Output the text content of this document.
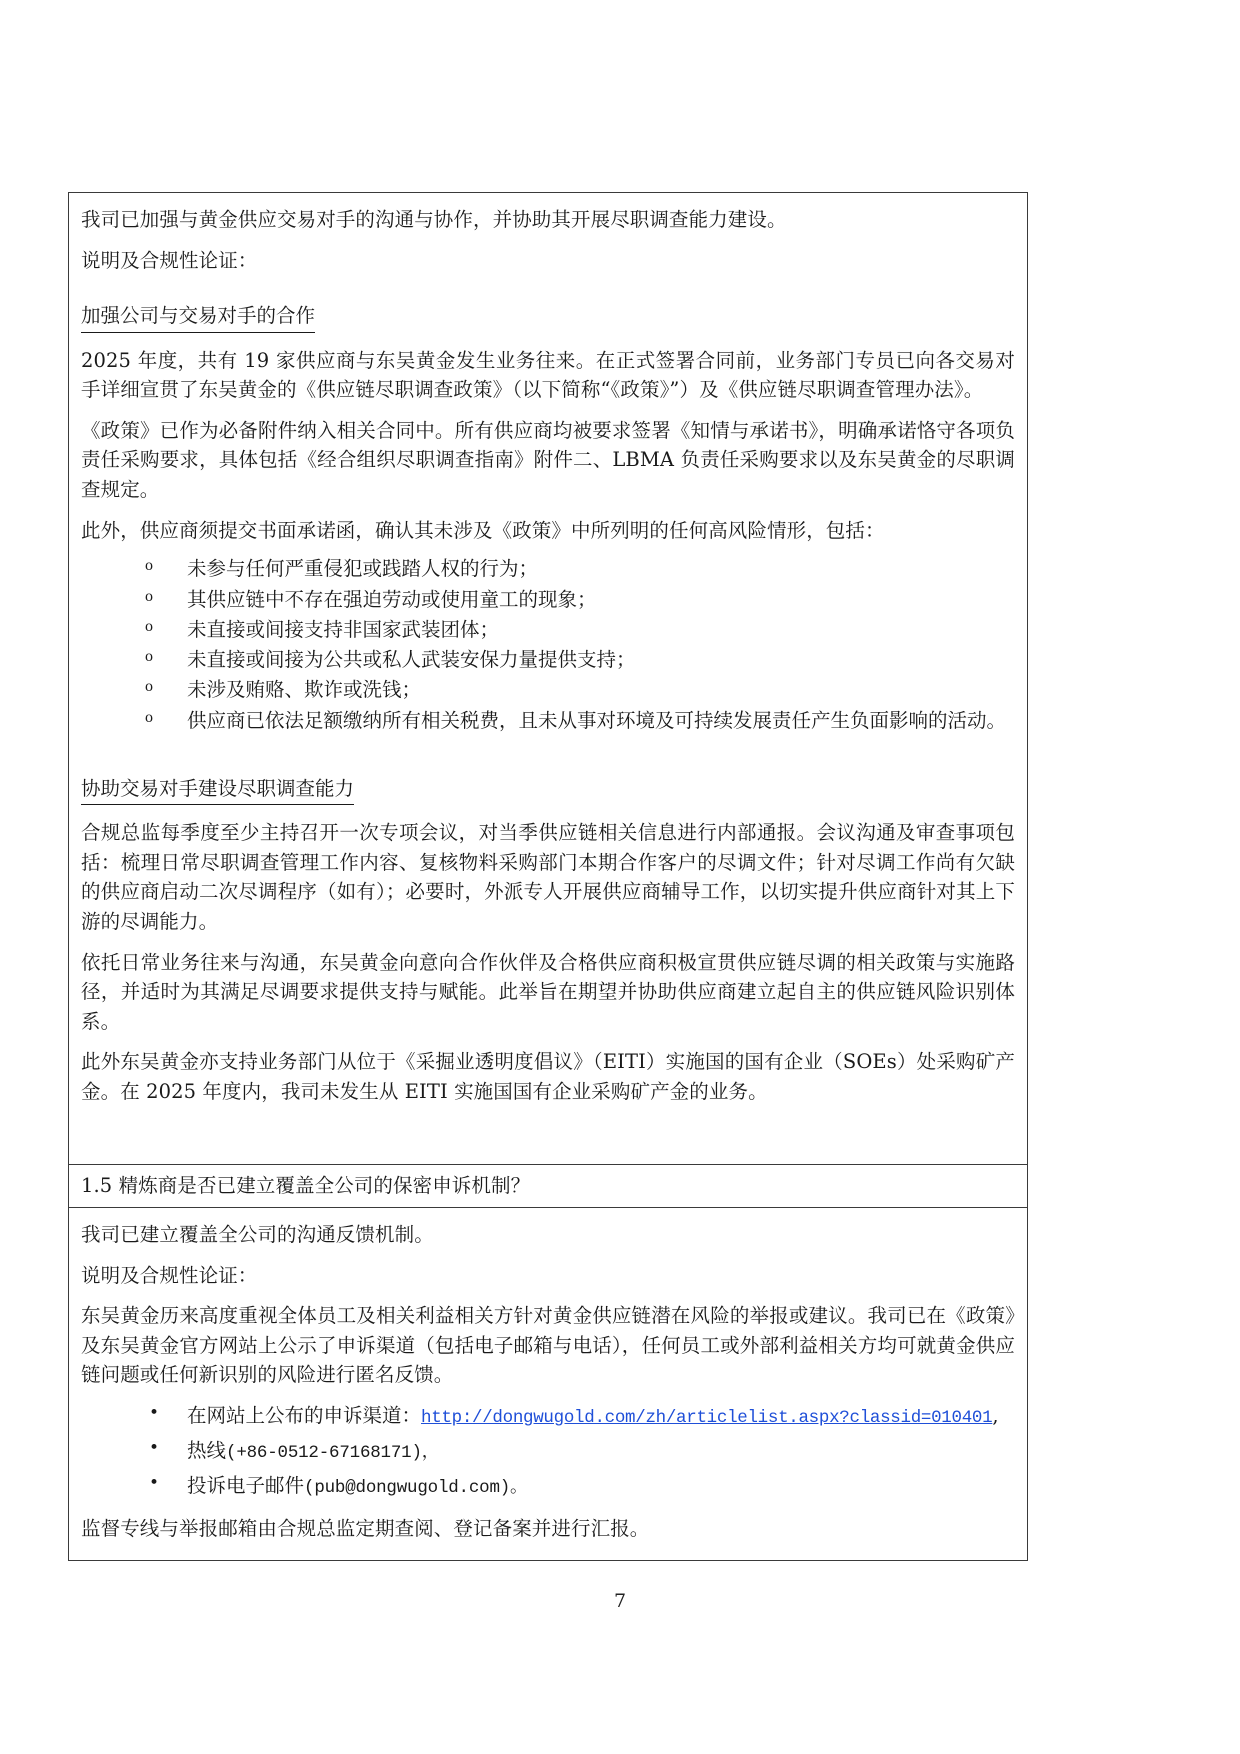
我司已加强与黄金供应交易对手的沟通与协作，并协助其开展尽职调查能力建设。

说明及合规性论证：

加强公司与交易对手的合作

2025 年度，共有 19 家供应商与东吴黄金发生业务往来。在正式签署合同前，业务部门专员已向各交易对手详细宣贯了东吴黄金的《供应链尽职调查政策》（以下简称“《政策》”）及《供应链尽职调查管理办法》。

《政策》已作为必备附件纳入相关合同中。所有供应商均被要求签署《知情与承诺书》，明确承诺恪守各项负责任采购要求，具体包括《经合组织尽职调查指南》附件二、LBMA 负责任采购要求以及东吴黄金的尽职调查规定。

此外，供应商须提交书面承诺函，确认其未涉及《政策》中所列明的任何高风险情形，包括：

o 未参与任何严重侵犯或践踏人权的行为；
o 其供应链中不存在强迫劳动或使用童工的现象；
o 未直接或间接支持非国家武装团体；
o 未直接或间接为公共或私人武装安保力量提供支持；
o 未涉及贿赂、欺诈或洗钱；
o 供应商已依法足额缴纳所有相关税费，且未从事对环境及可持续发展责任产生负面影响的活动。
协助交易对手建设尽职调查能力

合规总监每季度至少主持召开一次专项会议，对当季供应链相关信息进行内部通报。会议沟通及审查事项包括：梳理日常尽职调查管理工作内容、复核物料采购部门本期合作客户的尽调文件；针对尽调工作尚有欠缺的供应商启动二次尽调程序（如有）；必要时，外派专人开展供应商辅导工作，以切实提升供应商针对其上下游的尽调能力。

依托日常业务往来与沟通，东吴黄金向意向合作伙伴及合格供应商积极宣贯供应链尽调的相关政策与实施路径，并适时为其满足尽调要求提供支持与赋能。此举旨在期望并协助供应商建立起自主的供应链风险识别体系。

此外东吴黄金亦支持业务部门从位于《采掘业透明度倡议》（EITI）实施国的国有企业（SOEs）处采购矿产金。在 2025 年度内，我司未发生从 EITI 实施国国有企业采购矿产金的业务。

1.5 精炼商是否已建立覆盖全公司的保密申诉机制？

我司已建立覆盖全公司的沟通反馈机制。

说明及合规性论证：

东吴黄金历来高度重视全体员工及相关利益相关方针对黄金供应链潜在风险的举报或建议。我司已在《政策》及东吴黄金官方网站上公示了申诉渠道（包括电子邮箱与电话），任何员工或外部利益相关方均可就黄金供应链问题或任何新识别的风险进行匿名反馈。

• 在网站上公布的申诉渠道：http://dongwugold.com/zh/articlelist.aspx?classid=010401,
• 热线(+86-0512-67168171)，
• 投诉电子邮件(pub@dongwugold.com)。

监督专线与举报邮箱由合规总监定期查阅、登记备案并进行汇报。

7
